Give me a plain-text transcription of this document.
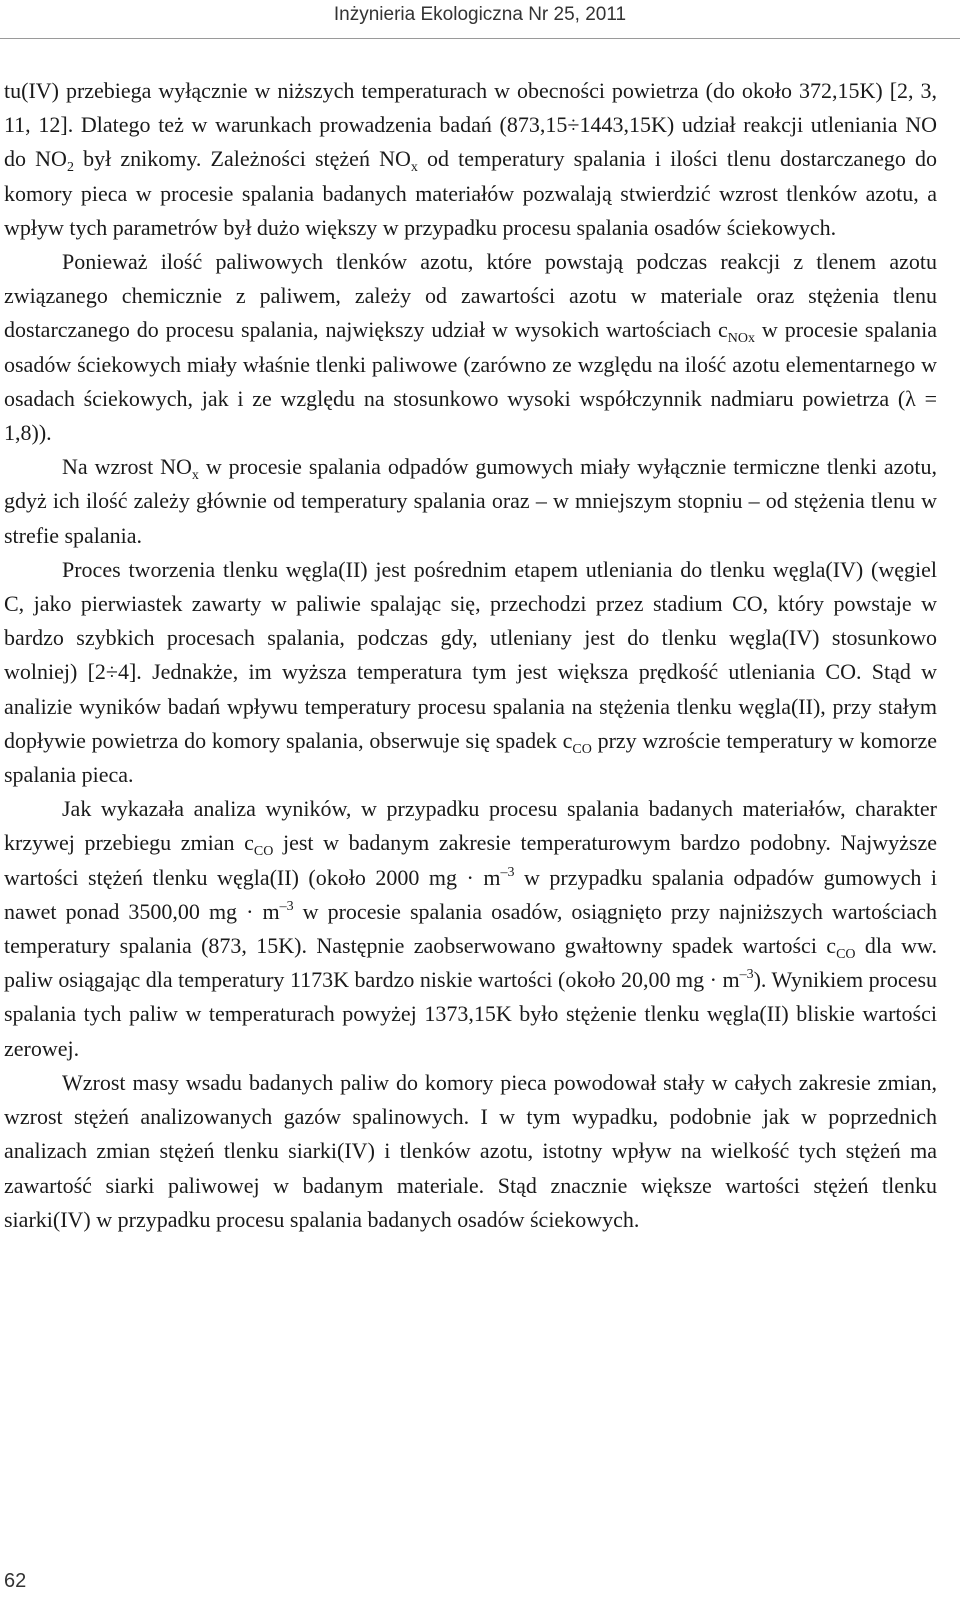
Inżynieria Ekologiczna Nr 25, 2011

tu(IV) przebiega wyłącznie w niższych temperaturach w obecności powietrza (do około 372,15K) [2, 3, 11, 12]. Dlatego też w warunkach prowadzenia badań (873,15÷1443,15K) udział reakcji utleniania NO do $NO_2$ był znikomy. Zależności stężeń $NO_x$ od temperatury spalania i ilości tlenu dostarczanego do komory pieca w procesie spalania badanych materiałów pozwalają stwierdzić wzrost tlenków azotu, a wpływ tych parametrów był dużo większy w przypadku procesu spalania osadów ściekowych.

Ponieważ ilość paliwowych tlenków azotu, które powstają podczas reakcji z tlenem azotu związanego chemicznie z paliwem, zależy od zawartości azotu w materiale oraz stężenia tlenu dostarczanego do procesu spalania, największy udział w wysokich wartościach $c_{NOx}$ w procesie spalania osadów ściekowych miały właśnie tlenki paliwowe (zarówno ze względu na ilość azotu elementarnego w osadach ściekowych, jak i ze względu na stosunkowo wysoki współczynnik nadmiaru powietrza (λ = 1,8)).

Na wzrost $NO_x$ w procesie spalania odpadów gumowych miały wyłącznie termiczne tlenki azotu, gdyż ich ilość zależy głównie od temperatury spalania oraz – w mniejszym stopniu – od stężenia tlenu w strefie spalania.

Proces tworzenia tlenku węgla(II) jest pośrednim etapem utleniania do tlenku węgla(IV) (węgiel C, jako pierwiastek zawarty w paliwie spalając się, przechodzi przez stadium CO, który powstaje w bardzo szybkich procesach spalania, podczas gdy, utleniany jest do tlenku węgla(IV) stosunkowo wolniej) [2÷4]. Jednakże, im wyższa temperatura tym jest większa prędkość utleniania CO. Stąd w analizie wyników badań wpływu temperatury procesu spalania na stężenia tlenku węgla(II), przy stałym dopływie powietrza do komory spalania, obserwuje się spadek $c_{CO}$ przy wzroście temperatury w komorze spalania pieca.

Jak wykazała analiza wyników, w przypadku procesu spalania badanych materiałów, charakter krzywej przebiegu zmian $c_{CO}$ jest w badanym zakresie temperaturowym bardzo podobny. Najwyższe wartości stężeń tlenku węgla(II) (około 2000 mg · $m^{-3}$ w przypadku spalania odpadów gumowych i nawet ponad 3500,00 mg · $m^{-3}$ w procesie spalania osadów, osiągnięto przy najniższych wartościach temperatury spalania (873, 15K). Następnie zaobserwowano gwałtowny spadek wartości $c_{CO}$ dla ww. paliw osiągając dla temperatury 1173K bardzo niskie wartości (około 20,00 mg · $m^{-3}$). Wynikiem procesu spalania tych paliw w temperaturach powyżej 1373,15K było stężenie tlenku węgla(II) bliskie wartości zerowej.

Wzrost masy wsadu badanych paliw do komory pieca powodował stały w całych zakresie zmian, wzrost stężeń analizowanych gazów spalinowych. I w tym wypadku, podobnie jak w poprzednich analizach zmian stężeń tlenku siarki(IV) i tlenków azotu, istotny wpływ na wielkość tych stężeń ma zawartość siarki paliwowej w badanym materiale. Stąd znacznie większe wartości stężeń tlenku siarki(IV) w przypadku procesu spalania badanych osadów ściekowych.

62
